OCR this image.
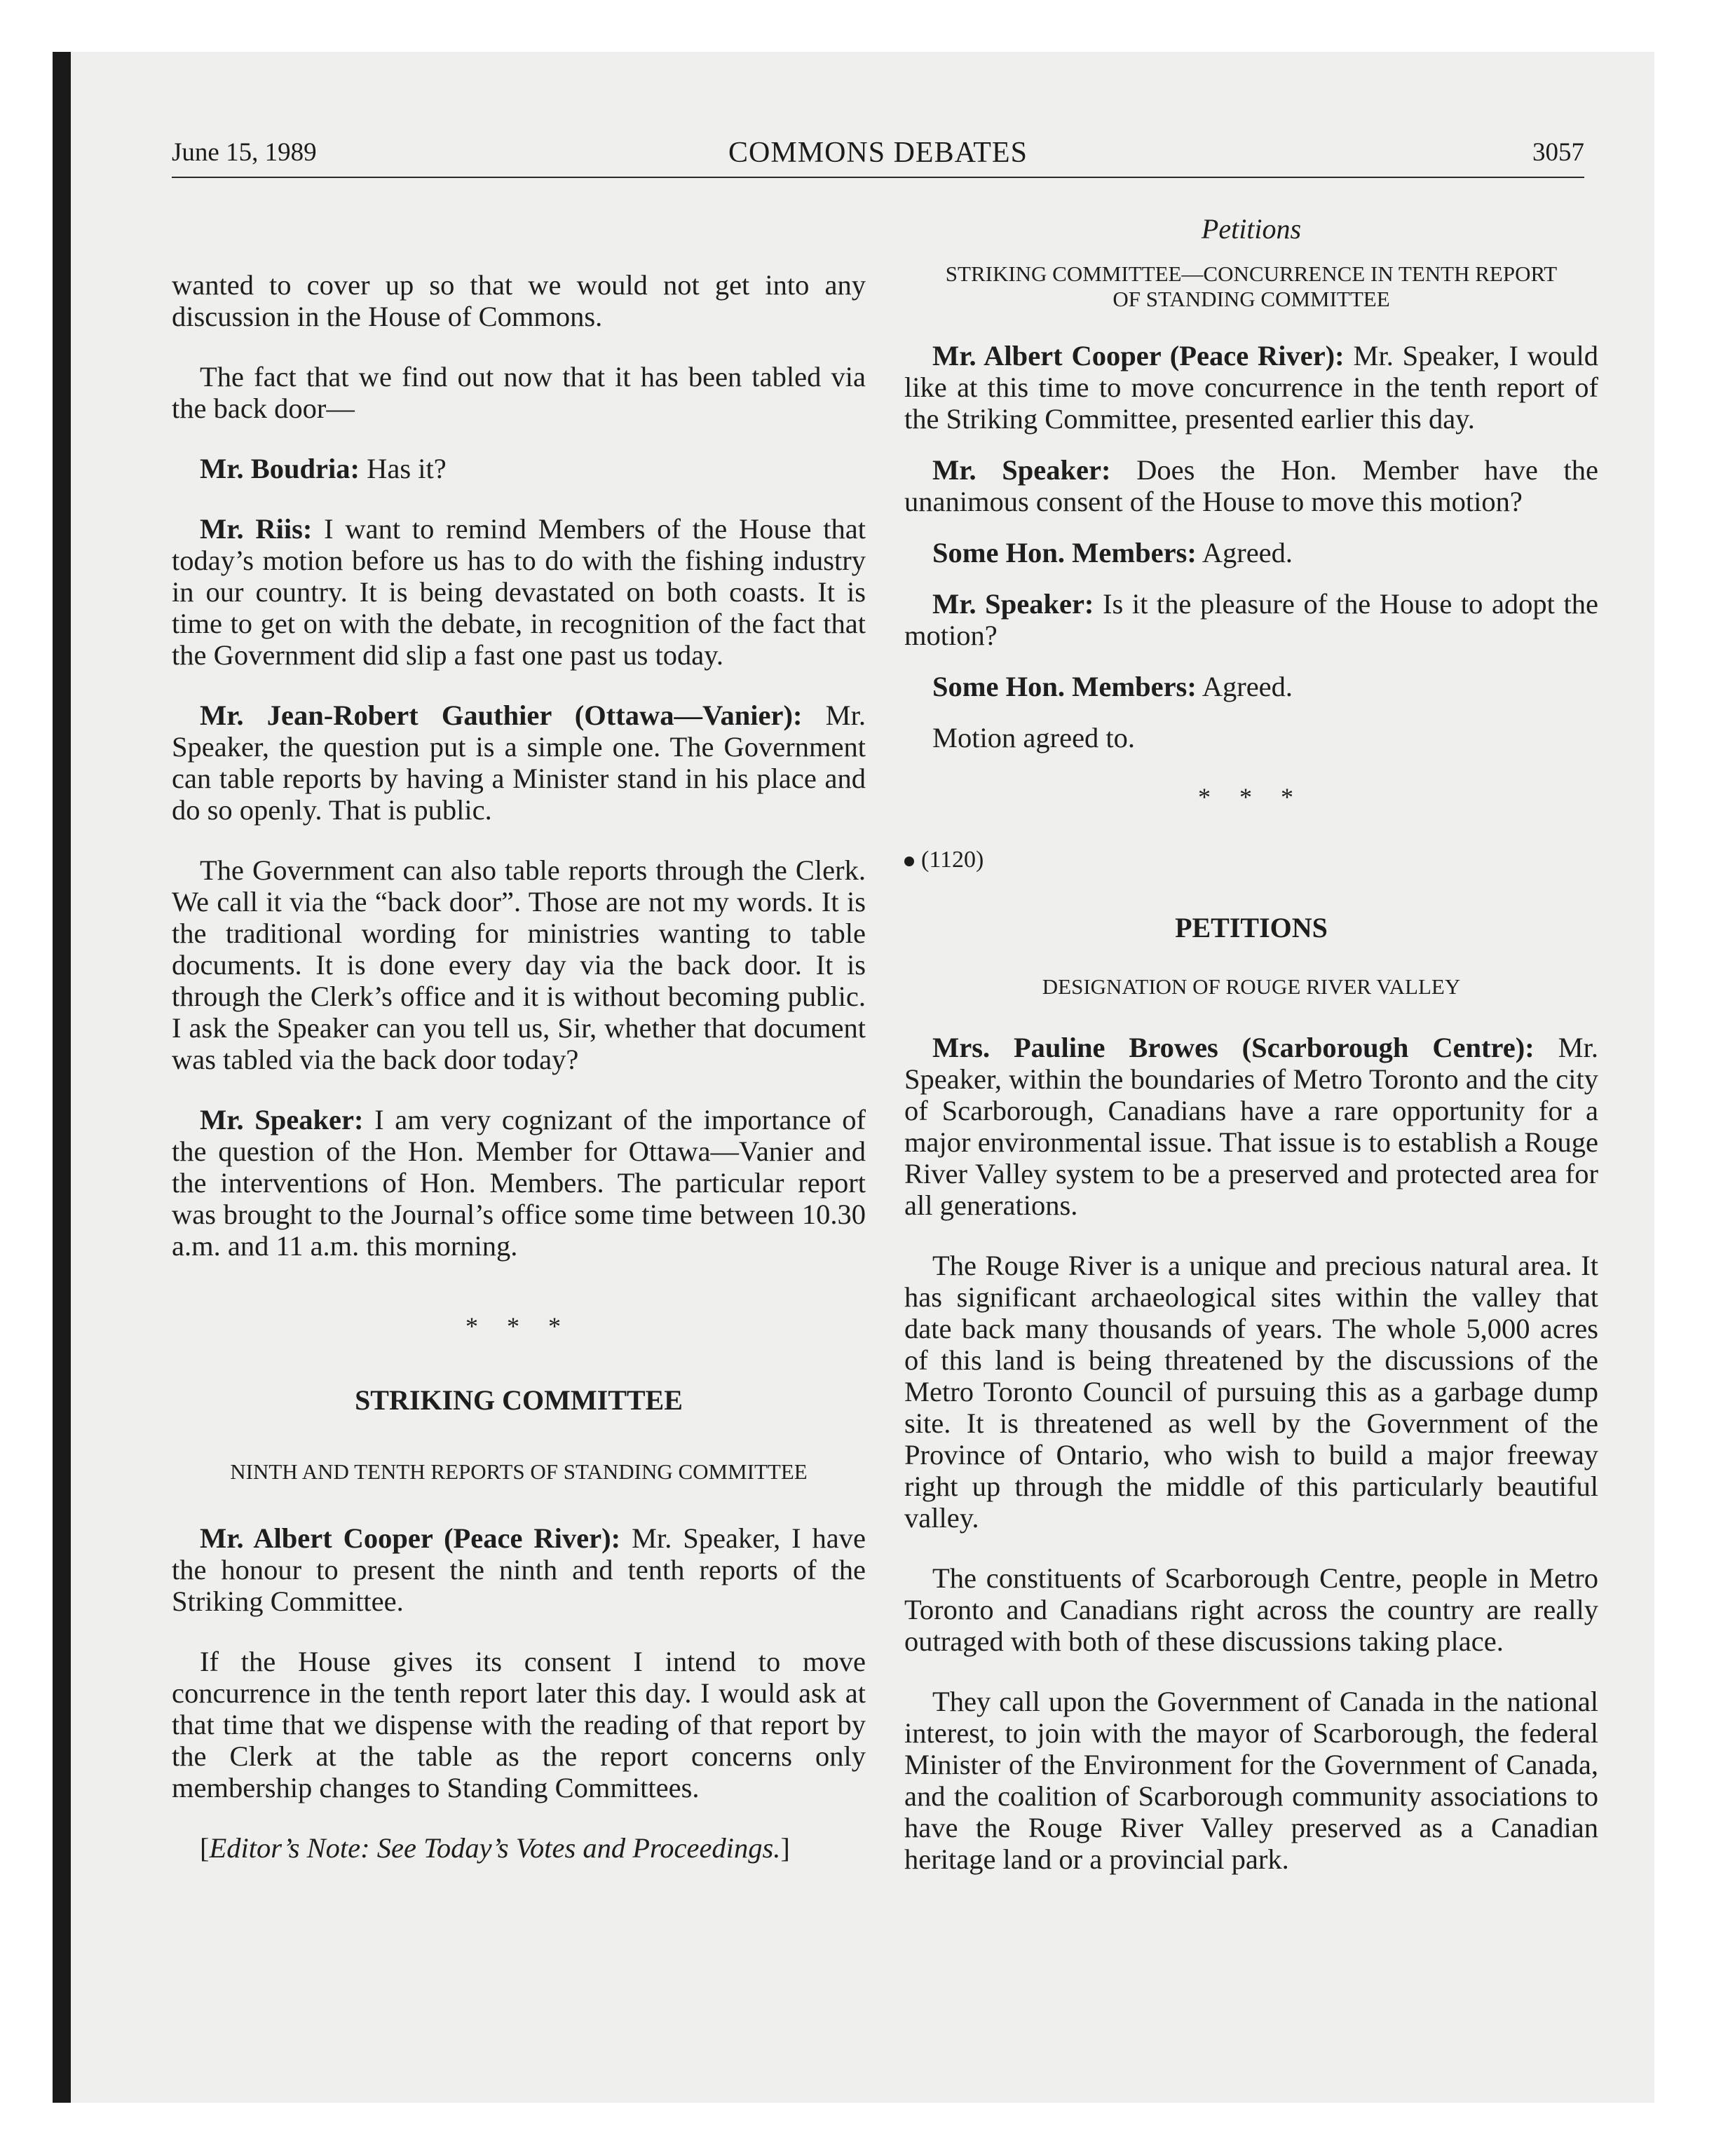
June 15, 1989	COMMONS DEBATES	3057

wanted to cover up so that we would not get into any discussion in the House of Commons.

The fact that we find out now that it has been tabled via the back door—

Mr. Boudria: Has it?

Mr. Riis: I want to remind Members of the House that today’s motion before us has to do with the fishing industry in our country. It is being devastated on both coasts. It is time to get on with the debate, in recognition of the fact that the Government did slip a fast one past us today.

Mr. Jean-Robert Gauthier (Ottawa—Vanier): Mr. Speaker, the question put is a simple one. The Government can table reports by having a Minister stand in his place and do so openly. That is public.

The Government can also table reports through the Clerk. We call it via the “back door”. Those are not my words. It is the traditional wording for ministries wanting to table documents. It is done every day via the back door. It is through the Clerk’s office and it is without becoming public. I ask the Speaker can you tell us, Sir, whether that document was tabled via the back door today?

Mr. Speaker: I am very cognizant of the importance of the question of the Hon. Member for Ottawa—Vanier and the interventions of Hon. Members. The particular report was brought to the Journal’s office some time between 10.30 a.m. and 11 a.m. this morning.

* * *
STRIKING COMMITTEE
NINTH AND TENTH REPORTS OF STANDING COMMITTEE

Mr. Albert Cooper (Peace River): Mr. Speaker, I have the honour to present the ninth and tenth reports of the Striking Committee.

If the House gives its consent I intend to move concurrence in the tenth report later this day. I would ask at that time that we dispense with the reading of that report by the Clerk at the table as the report concerns only membership changes to Standing Committees.

[Editor’s Note: See Today’s Votes and Proceedings.]

Petitions
STRIKING COMMITTEE—CONCURRENCE IN TENTH REPORT OF STANDING COMMITTEE

Mr. Albert Cooper (Peace River): Mr. Speaker, I would like at this time to move concurrence in the tenth report of the Striking Committee, presented earlier this day.

Mr. Speaker: Does the Hon. Member have the unanimous consent of the House to move this motion?

Some Hon. Members: Agreed.

Mr. Speaker: Is it the pleasure of the House to adopt the motion?

Some Hon. Members: Agreed.

Motion agreed to.

* * *
(1120)
PETITIONS
DESIGNATION OF ROUGE RIVER VALLEY

Mrs. Pauline Browes (Scarborough Centre): Mr. Speaker, within the boundaries of Metro Toronto and the city of Scarborough, Canadians have a rare opportunity for a major environmental issue. That issue is to establish a Rouge River Valley system to be a preserved and protected area for all generations.

The Rouge River is a unique and precious natural area. It has significant archaeological sites within the valley that date back many thousands of years. The whole 5,000 acres of this land is being threatened by the discussions of the Metro Toronto Council of pursuing this as a garbage dump site. It is threatened as well by the Government of the Province of Ontario, who wish to build a major freeway right up through the middle of this particularly beautiful valley.

The constituents of Scarborough Centre, people in Metro Toronto and Canadians right across the country are really outraged with both of these discussions taking place.

They call upon the Government of Canada in the national interest, to join with the mayor of Scarborough, the federal Minister of the Environment for the Government of Canada, and the coalition of Scarborough community associations to have the Rouge River Valley preserved as a Canadian heritage land or a provincial park.
